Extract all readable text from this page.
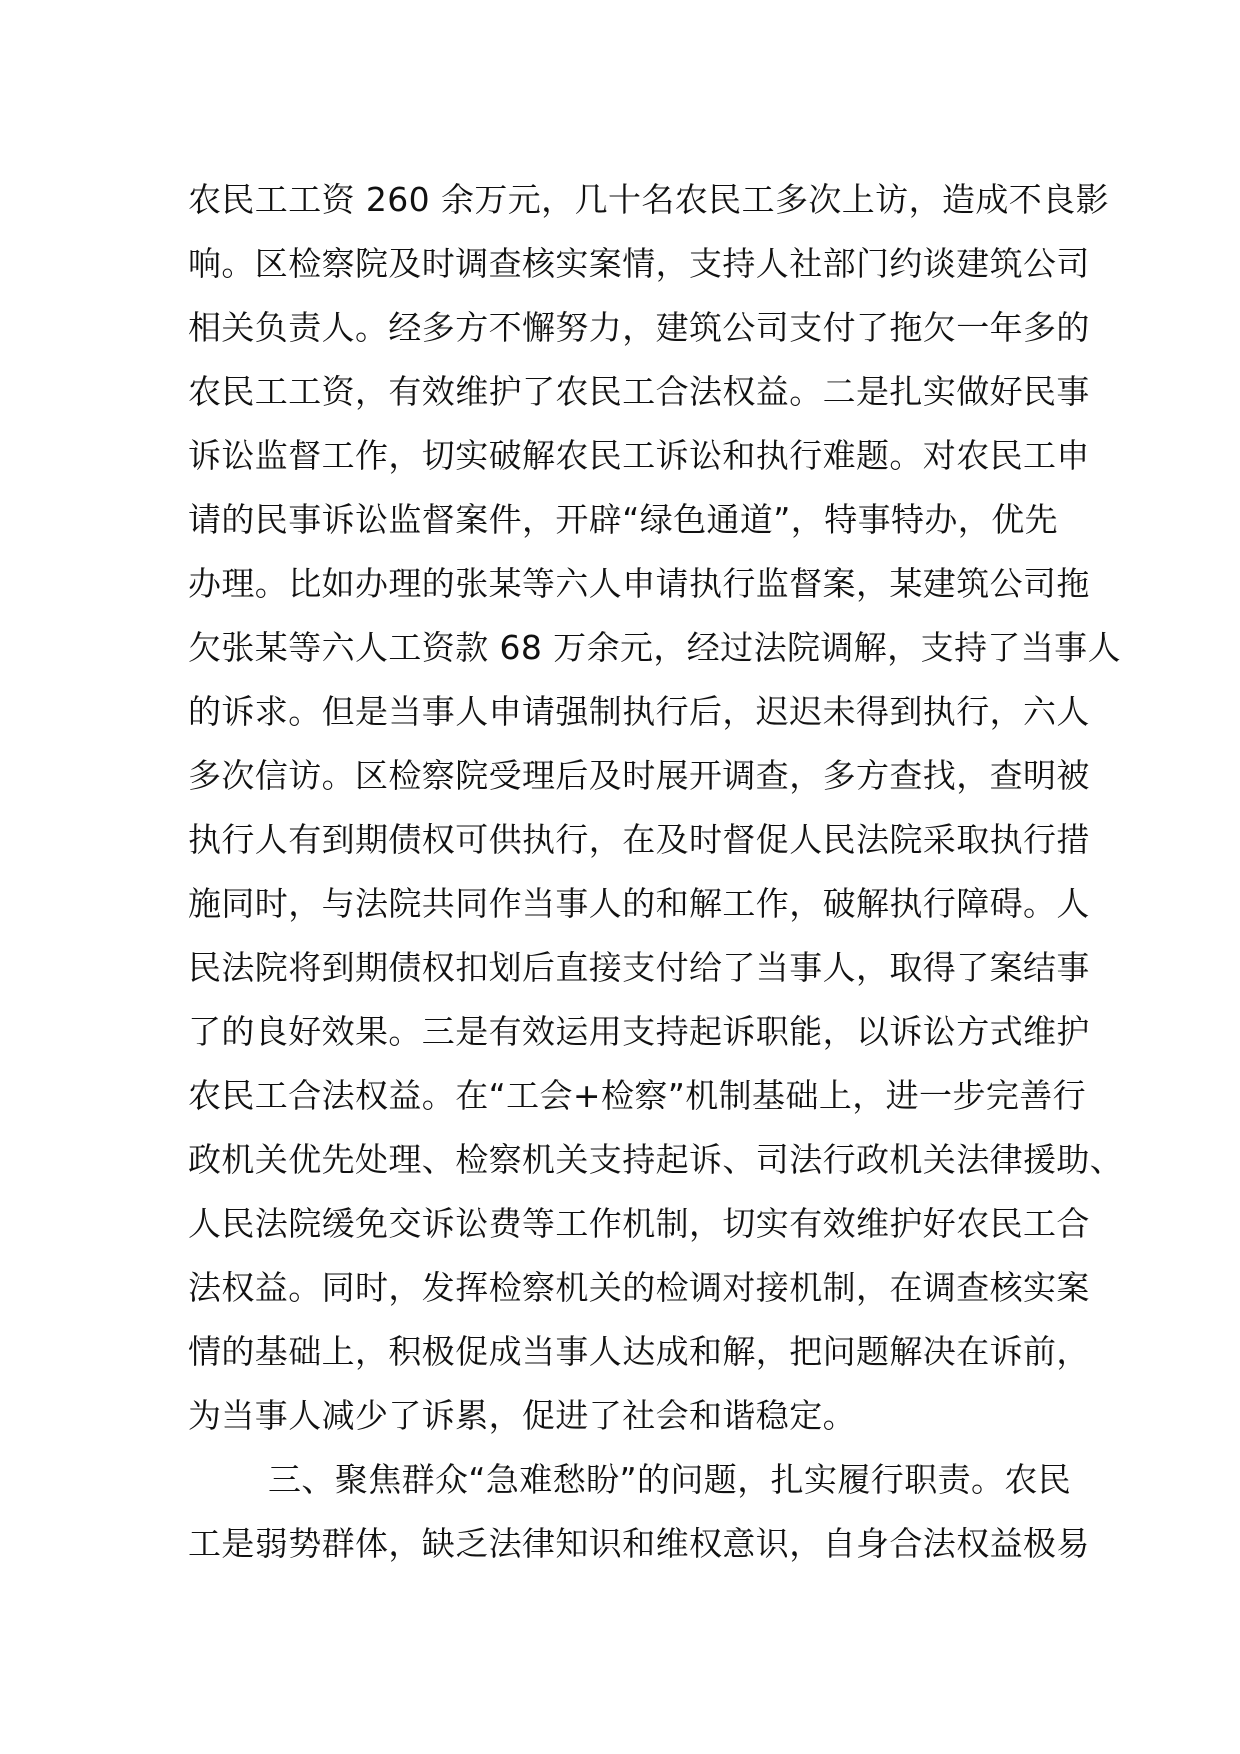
农民工工资 260 余万元，几十名农民工多次上访，造成不良影
响。区检察院及时调查核实案情，支持人社部门约谈建筑公司
相关负责人。经多方不懈努力，建筑公司支付了拖欠一年多的
农民工工资，有效维护了农民工合法权益。二是扎实做好民事
诉讼监督工作，切实破解农民工诉讼和执行难题。对农民工申
请的民事诉讼监督案件，开辟“绿色通道”，特事特办，优先
办理。比如办理的张某等六人申请执行监督案，某建筑公司拖
欠张某等六人工资款 68 万余元，经过法院调解，支持了当事人
的诉求。但是当事人申请强制执行后，迟迟未得到执行，六人
多次信访。区检察院受理后及时展开调查，多方查找，查明被
执行人有到期债权可供执行，在及时督促人民法院采取执行措
施同时，与法院共同作当事人的和解工作，破解执行障碍。人
民法院将到期债权扣划后直接支付给了当事人，取得了案结事
了的良好效果。三是有效运用支持起诉职能，以诉讼方式维护
农民工合法权益。在“工会+检察”机制基础上，进一步完善行
政机关优先处理、检察机关支持起诉、司法行政机关法律援助、
人民法院缓免交诉讼费等工作机制，切实有效维护好农民工合
法权益。同时，发挥检察机关的检调对接机制，在调查核实案
情的基础上，积极促成当事人达成和解，把问题解决在诉前，
为当事人减少了诉累，促进了社会和谐稳定。
三、聚焦群众“急难愁盼”的问题，扎实履行职责。农民
工是弱势群体，缺乏法律知识和维权意识，自身合法权益极易
